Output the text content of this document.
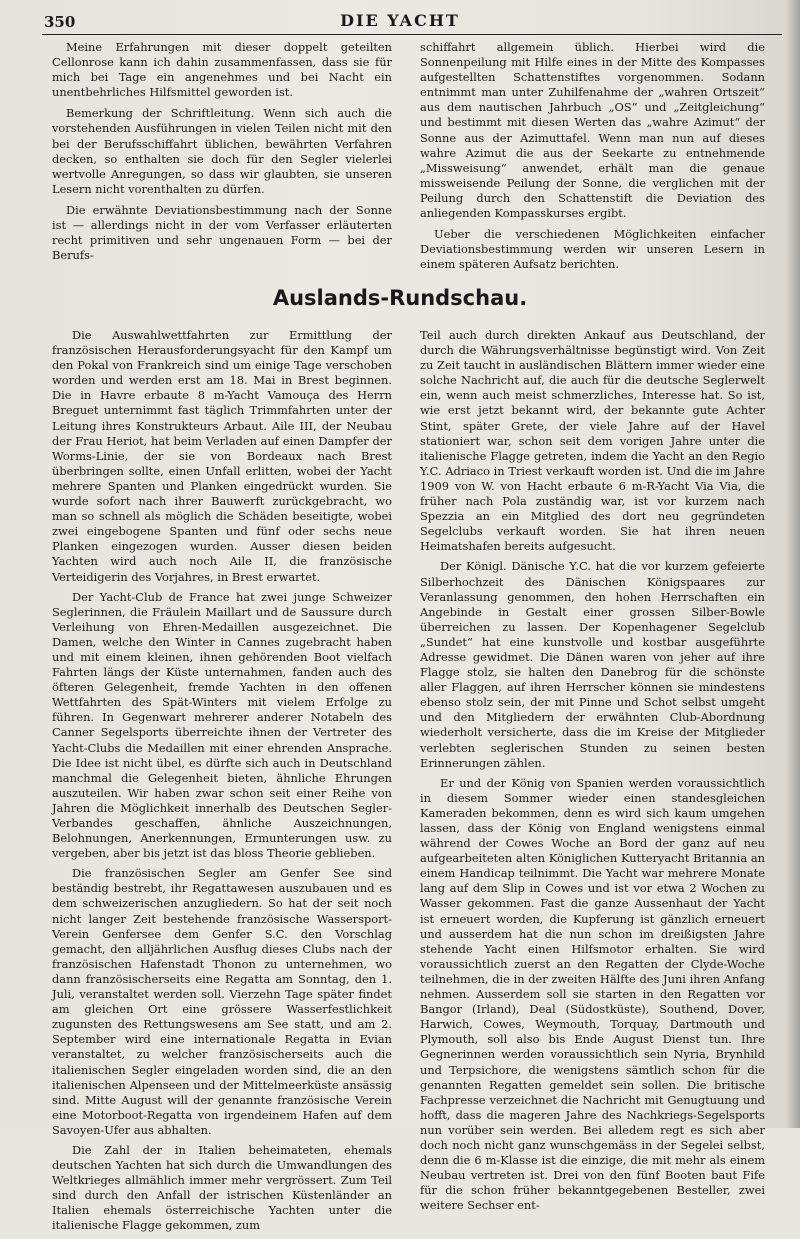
350	DIE YACHT

Meine Erfahrungen mit dieser doppelt geteilten Cellonrose kann ich dahin zusammenfassen, dass sie für mich bei Tage ein angenehmes und bei Nacht ein unentbehrliches Hilfsmittel geworden ist.

Bemerkung der Schriftleitung. Wenn sich auch die vorstehenden Ausführungen in vielen Teilen nicht mit den bei der Berufsschiffahrt üblichen, bewährten Verfahren decken, so enthalten sie doch für den Segler vielerlei wertvolle Anregungen, so dass wir glaubten, sie unseren Lesern nicht vorenthalten zu dürfen.

Die erwähnte Deviationsbestimmung nach der Sonne ist — allerdings nicht in der vom Verfasser erläuterten recht primitiven und sehr ungenauen Form — bei der Berufs-

schiffahrt allgemein üblich. Hierbei wird die Sonnenpeilung mit Hilfe eines in der Mitte des Kompasses aufgestellten Schattenstiftes vorgenommen. Sodann entnimmt man unter Zuhilfenahme der „wahren Ortszeit“ aus dem nautischen Jahrbuch „OS“ und „Zeitgleichung“ und bestimmt mit diesen Werten das „wahre Azimut“ der Sonne aus der Azimuttafel. Wenn man nun auf dieses wahre Azimut die aus der Seekarte zu entnehmende „Missweisung“ anwendet, erhält man die genaue missweisende Peilung der Sonne, die verglichen mit der Peilung durch den Schattenstift die Deviation des anliegenden Kompasskurses ergibt.

Ueber die verschiedenen Möglichkeiten einfacher Deviationsbestimmung werden wir unseren Lesern in einem späteren Aufsatz berichten.

Auslands-Rundschau.

Die Auswahlwettfahrten zur Ermittlung der französischen Herausforderungsyacht für den Kampf um den Pokal von Frankreich sind um einige Tage verschoben worden und werden erst am 18. Mai in Brest beginnen. Die in Havre erbaute 8 m-Yacht Vamouça des Herrn Breguet unternimmt fast täglich Trimmfahrten unter der Leitung ihres Konstrukteurs Arbaut. Aile III, der Neubau der Frau Heriot, hat beim Verladen auf einen Dampfer der Worms-Linie, der sie von Bordeaux nach Brest überbringen sollte, einen Unfall erlitten, wobei der Yacht mehrere Spanten und Planken eingedrückt wurden. Sie wurde sofort nach ihrer Bauwerft zurückgebracht, wo man so schnell als möglich die Schäden beseitigte, wobei zwei eingebogene Spanten und fünf oder sechs neue Planken eingezogen wurden. Ausser diesen beiden Yachten wird auch noch Aile II, die französische Verteidigerin des Vorjahres, in Brest erwartet.

Der Yacht-Club de France hat zwei junge Schweizer Seglerinnen, die Fräulein Maillart und de Saussure durch Verleihung von Ehren-Medaillen ausgezeichnet. Die Damen, welche den Winter in Cannes zugebracht haben und mit einem kleinen, ihnen gehörenden Boot vielfach Fahrten längs der Küste unternahmen, fanden auch des öfteren Gelegenheit, fremde Yachten in den offenen Wettfahrten des Spät-Winters mit vielem Erfolge zu führen. In Gegenwart mehrerer anderer Notabeln des Canner Segelsports überreichte ihnen der Vertreter des Yacht-Clubs die Medaillen mit einer ehrenden Ansprache. Die Idee ist nicht übel, es dürfte sich auch in Deutschland manchmal die Gelegenheit bieten, ähnliche Ehrungen auszuteilen. Wir haben zwar schon seit einer Reihe von Jahren die Möglichkeit innerhalb des Deutschen Segler-Verbandes geschaffen, ähnliche Auszeichnungen, Belohnungen, Anerkennungen, Ermunterungen usw. zu vergeben, aber bis jetzt ist das bloss Theorie geblieben.

Die französischen Segler am Genfer See sind beständig bestrebt, ihr Regattawesen auszubauen und es dem schweizerischen anzugliedern. So hat der seit noch nicht langer Zeit bestehende französische Wassersport-Verein Genfersee dem Genfer S.C. den Vorschlag gemacht, den alljährlichen Ausflug dieses Clubs nach der französischen Hafenstadt Thonon zu unternehmen, wo dann französischerseits eine Regatta am Sonntag, den 1. Juli, veranstaltet werden soll. Vierzehn Tage später findet am gleichen Ort eine grössere Wasserfestlichkeit zugunsten des Rettungswesens am See statt, und am 2. September wird eine internationale Regatta in Evian veranstaltet, zu welcher französischerseits auch die italienischen Segler eingeladen worden sind, die an den italienischen Alpenseen und der Mittelmeerküste ansässig sind. Mitte August will der genannte französische Verein eine Motorboot-Regatta von irgendeinem Hafen auf dem Savoyen-Ufer aus abhalten.

Die Zahl der in Italien beheimateten, ehemals deutschen Yachten hat sich durch die Umwandlungen des Weltkrieges allmählich immer mehr vergrössert. Zum Teil sind durch den Anfall der istrischen Küstenländer an Italien ehemals österreichische Yachten unter die italienische Flagge gekommen, zum

Teil auch durch direkten Ankauf aus Deutschland, der durch die Währungsverhältnisse begünstigt wird. Von Zeit zu Zeit taucht in ausländischen Blättern immer wieder eine solche Nachricht auf, die auch für die deutsche Seglerwelt ein, wenn auch meist schmerzliches, Interesse hat. So ist, wie erst jetzt bekannt wird, der bekannte gute Achter Stint, später Grete, der viele Jahre auf der Havel stationiert war, schon seit dem vorigen Jahre unter die italienische Flagge getreten, indem die Yacht an den Regio Y.C. Adriaco in Triest verkauft worden ist. Und die im Jahre 1909 von W. von Hacht erbaute 6 m-R-Yacht Via Via, die früher nach Pola zuständig war, ist vor kurzem nach Spezzia an ein Mitglied des dort neu gegründeten Segelclubs verkauft worden. Sie hat ihren neuen Heimatshafen bereits aufgesucht.

Der Königl. Dänische Y.C. hat die vor kurzem gefeierte Silberhochzeit des Dänischen Königspaares zur Veranlassung genommen, den hohen Herrschaften ein Angebinde in Gestalt einer grossen Silber-Bowle überreichen zu lassen. Der Kopenhagener Segelclub „Sundet“ hat eine kunstvolle und kostbar ausgeführte Adresse gewidmet. Die Dänen waren von jeher auf ihre Flagge stolz, sie halten den Danebrog für die schönste aller Flaggen, auf ihren Herrscher können sie mindestens ebenso stolz sein, der mit Pinne und Schot selbst umgeht und den Mitgliedern der erwähnten Club-Abordnung wiederholt versicherte, dass die im Kreise der Mitglieder verlebten seglerischen Stunden zu seinen besten Erinnerungen zählen.

Er und der König von Spanien werden voraussichtlich in diesem Sommer wieder einen standesgleichen Kameraden bekommen, denn es wird sich kaum umgehen lassen, dass der König von England wenigstens einmal während der Cowes Woche an Bord der ganz auf neu aufgearbeiteten alten Königlichen Kutteryacht Britannia an einem Handicap teilnimmt. Die Yacht war mehrere Monate lang auf dem Slip in Cowes und ist vor etwa 2 Wochen zu Wasser gekommen. Fast die ganze Aussenhaut der Yacht ist erneuert worden, die Kupferung ist gänzlich erneuert und ausserdem hat die nun schon im dreißigsten Jahre stehende Yacht einen Hilfsmotor erhalten. Sie wird voraussichtlich zuerst an den Regatten der Clyde-Woche teilnehmen, die in der zweiten Hälfte des Juni ihren Anfang nehmen. Ausserdem soll sie starten in den Regatten vor Bangor (Irland), Deal (Südostküste), Southend, Dover, Harwich, Cowes, Weymouth, Torquay, Dartmouth und Plymouth, soll also bis Ende August Dienst tun. Ihre Gegnerinnen werden voraussichtlich sein Nyria, Brynhild und Terpsichore, die wenigstens sämtlich schon für die genannten Regatten gemeldet sein sollen. Die britische Fachpresse verzeichnet die Nachricht mit Genugtuung und hofft, dass die mageren Jahre des Nachkriegs-Segelsports nun vorüber sein werden. Bei alledem regt es sich aber doch noch nicht ganz wunschgemäss in der Segelei selbst, denn die 6 m-Klasse ist die einzige, die mit mehr als einem Neubau vertreten ist. Drei von den fünf Booten baut Fife für die schon früher bekanntgegebenen Besteller, zwei weitere Sechser ent-
